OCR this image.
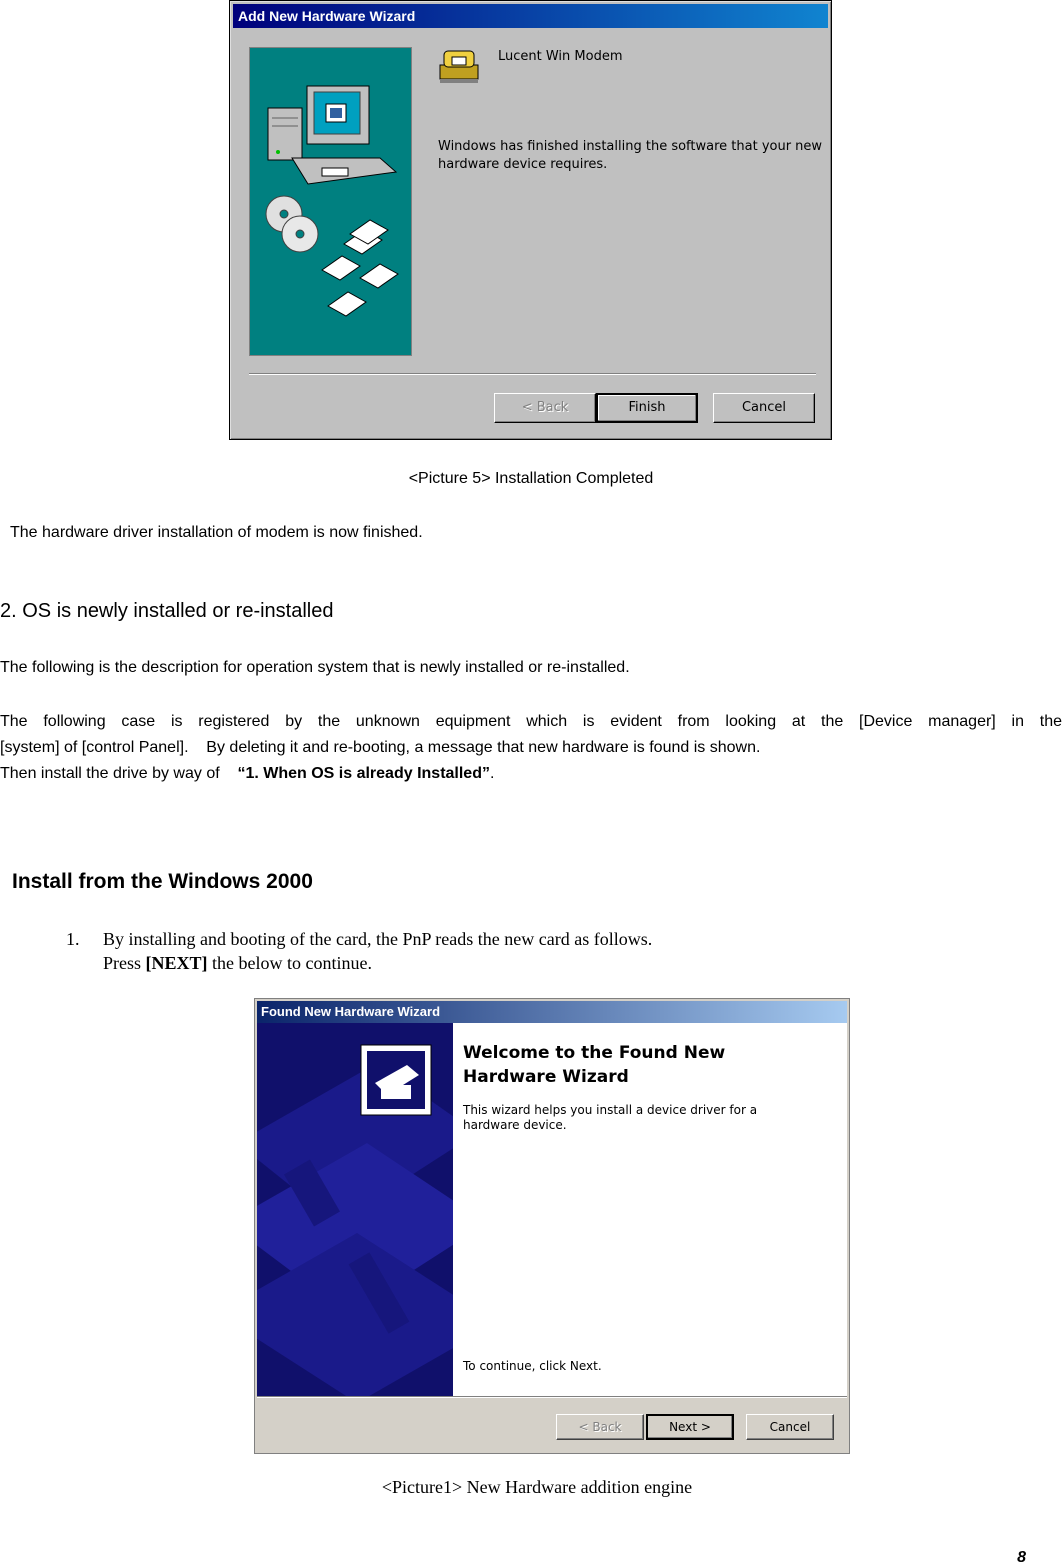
Add New Hardware Wizard
Lucent Win Modem
Windows has finished installing the software that your new
hardware device requires.
< Back	Finish	Cancel
<Picture 5> Installation Completed
The hardware driver installation of modem is now finished.
2. OS is newly installed or re-installed
The following is the description for operation system that is newly installed or re-installed.
The following case is registered by the unknown equipment which is evident from looking at the [Device manager] in the
[system] of [control Panel].    By deleting it and re-booting, a message that new hardware is found is shown.
Then install the drive by way of “1. When OS is already Installed”.
Install from the Windows 2000
1. By installing and booting of the card, the PnP reads the new card as follows.
Press [NEXT] the below to continue.
Found New Hardware Wizard
Welcome to the Found New
Hardware Wizard
This wizard helps you install a device driver for a
hardware device.
To continue, click Next.
< Back	Next >	Cancel
<Picture1> New Hardware addition engine
8
